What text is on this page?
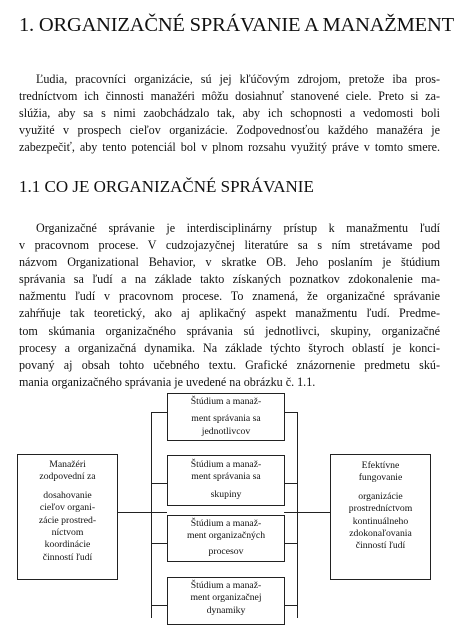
1. ORGANIZAČNÉ SPRÁVANIE A MANAŽMENT
Ľudia, pracovníci organizácie, sú jej kľúčovým zdrojom, pretože iba pros-
tredníctvom ich činnosti manažéri môžu dosiahnuť stanovené ciele. Preto si za-
slúžia, aby sa s nimi zaobchádzalo tak, aby ich schopnosti a vedomosti boli
využité v prospech cieľov organizácie. Zodpovednosťou každého manažéra je
zabezpečiť, aby tento potenciál bol v plnom rozsahu využitý práve v tomto smere.
1.1 CO JE ORGANIZAČNÉ SPRÁVANIE
Organizačné správanie je interdisciplinárny prístup k manažmentu ľudí
v pracovnom procese. V cudzojazyčnej literatúre sa s ním stretávame pod
názvom Organizational Behavior, v skratke OB. Jeho poslaním je štúdium
správania sa ľudí a na základe takto získaných poznatkov zdokonalenie ma-
nažmentu ľudí v pracovnom procese. To znamená, že organizačné správanie
zahŕňuje tak teoretický, ako aj aplikačný aspekt manažmentu ľudí. Predme-
tom skúmania organizačného správania sú jednotlivci, skupiny, organizačné
procesy a organizačná dynamika. Na základe týchto štyroch oblastí je konci-
povaný aj obsah tohto učebného textu. Grafické znázornenie predmetu skú-
mania organizačného správania je uvedené na obrázku č. 1.1.
Manažéri
zodpovední za
dosahovanie
cieľov organi-
zácie prostred-
níctvom
koordinácie
činností ľudí
Efektívne
fungovanie
organizácie
prostredníctvom
kontinuálneho
zdokonaľovania
činností ľudí
Štúdium a manaž-
ment správania sa
jednotlivcov
Štúdium a manaž-
ment správania sa
skupiny
Štúdium a manaž-
ment organizačných
procesov
Štúdium a manaž-
ment organizačnej
dynamiky
